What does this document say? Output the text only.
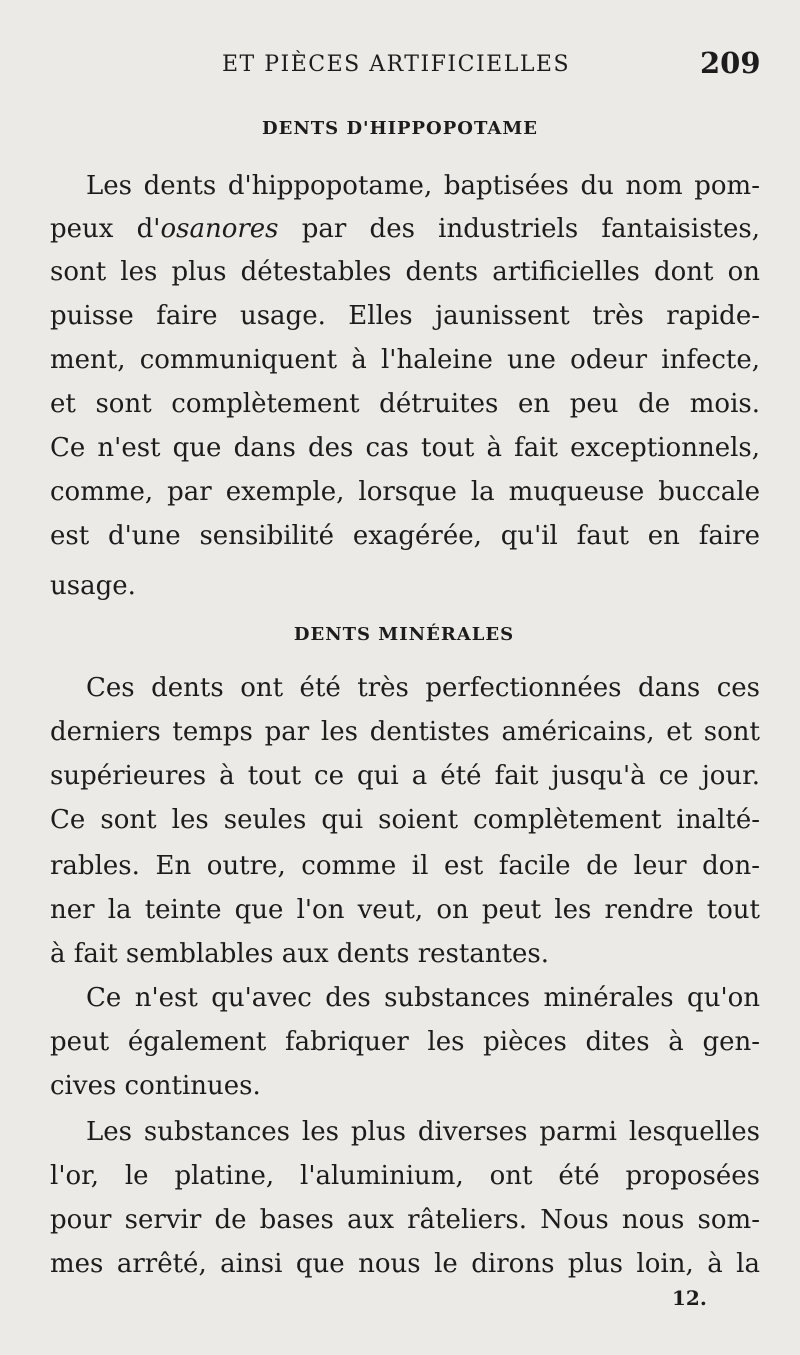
ET PIÈCES ARTIFICIELLES	209
DENTS D'HIPPOPOTAME
Les dents d'hippopotame, baptisées du nom pom-
peux d'osanores par des industriels fantaisistes,
sont les plus détestables dents artificielles dont on
puisse faire usage. Elles jaunissent très rapide-
ment, communiquent à l'haleine une odeur infecte,
et sont complètement détruites en peu de mois.
Ce n'est que dans des cas tout à fait exceptionnels,
comme, par exemple, lorsque la muqueuse buccale
est d'une sensibilité exagérée, qu'il faut en faire
usage.
DENTS MINÉRALES
Ces dents ont été très perfectionnées dans ces
derniers temps par les dentistes américains, et sont
supérieures à tout ce qui a été fait jusqu'à ce jour.
Ce sont les seules qui soient complètement inalté-
rables. En outre, comme il est facile de leur don-
ner la teinte que l'on veut, on peut les rendre tout
à fait semblables aux dents restantes.
Ce n'est qu'avec des substances minérales qu'on
peut également fabriquer les pièces dites à gen-
cives continues.
Les substances les plus diverses parmi lesquelles
l'or, le platine, l'aluminium, ont été proposées
pour servir de bases aux râteliers. Nous nous som-
mes arrêté, ainsi que nous le dirons plus loin, à la
12.
